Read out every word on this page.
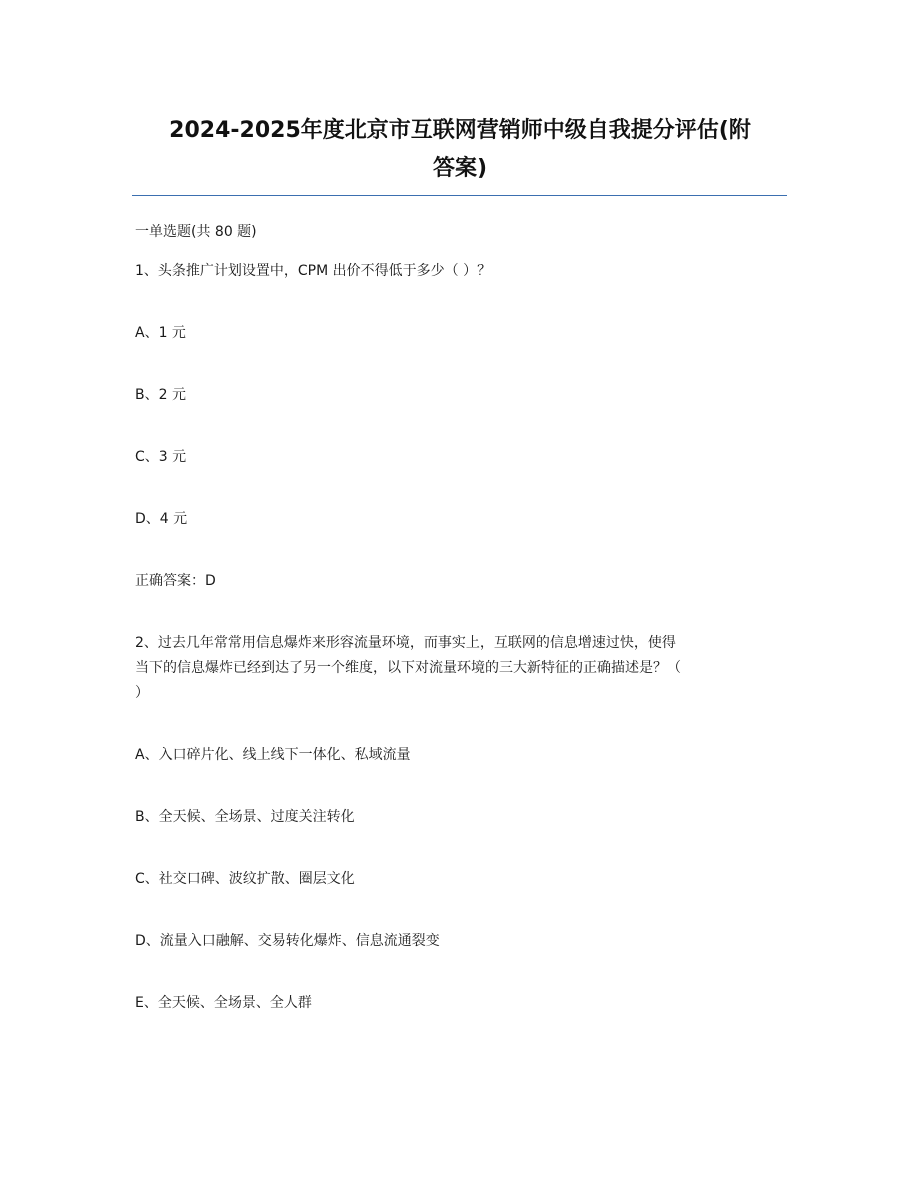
2024-2025年度北京市互联网营销师中级自我提分评估(附
答案)
一单选题(共 80 题)
1、头条推广计划设置中，CPM 出价不得低于多少（ ）？
A、1 元
B、2 元
C、3 元
D、4 元
正确答案：D
2、过去几年常常用信息爆炸来形容流量环境，而事实上，互联网的信息增速过快，使得
当下的信息爆炸已经到达了另一个维度，以下对流量环境的三大新特征的正确描述是？（
）
A、入口碎片化、线上线下一体化、私域流量
B、全天候、全场景、过度关注转化
C、社交口碑、波纹扩散、圈层文化
D、流量入口融解、交易转化爆炸、信息流通裂变
E、全天候、全场景、全人群
